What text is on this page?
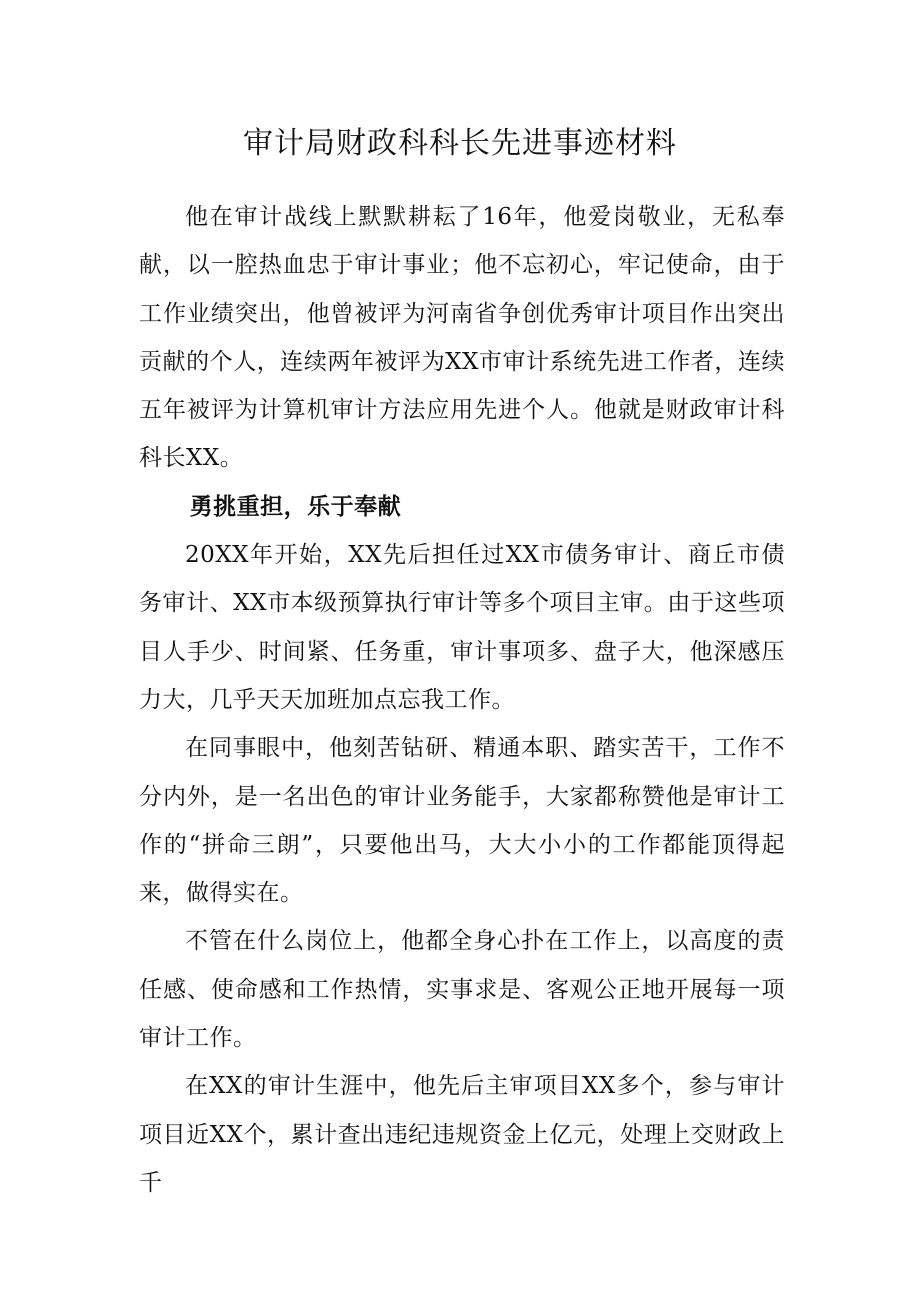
审计局财政科科长先进事迹材料

他在审计战线上默默耕耘了16年，他爱岗敬业，无私奉献，以一腔热血忠于审计事业；他不忘初心，牢记使命，由于工作业绩突出，他曾被评为河南省争创优秀审计项目作出突出贡献的个人，连续两年被评为XX市审计系统先进工作者，连续五年被评为计算机审计方法应用先进个人。他就是财政审计科科长XX。

勇挑重担，乐于奉献

20XX年开始，XX先后担任过XX市债务审计、商丘市债务审计、XX市本级预算执行审计等多个项目主审。由于这些项目人手少、时间紧、任务重，审计事项多、盘子大，他深感压力大，几乎天天加班加点忘我工作。

在同事眼中，他刻苦钻研、精通本职、踏实苦干，工作不分内外，是一名出色的审计业务能手，大家都称赞他是审计工作的“拼命三朗”，只要他出马，大大小小的工作都能顶得起来，做得实在。

不管在什么岗位上，他都全身心扑在工作上，以高度的责任感、使命感和工作热情，实事求是、客观公正地开展每一项审计工作。

在XX的审计生涯中，他先后主审项目XX多个，参与审计项目近XX个，累计查出违纪违规资金上亿元，处理上交财政上千
